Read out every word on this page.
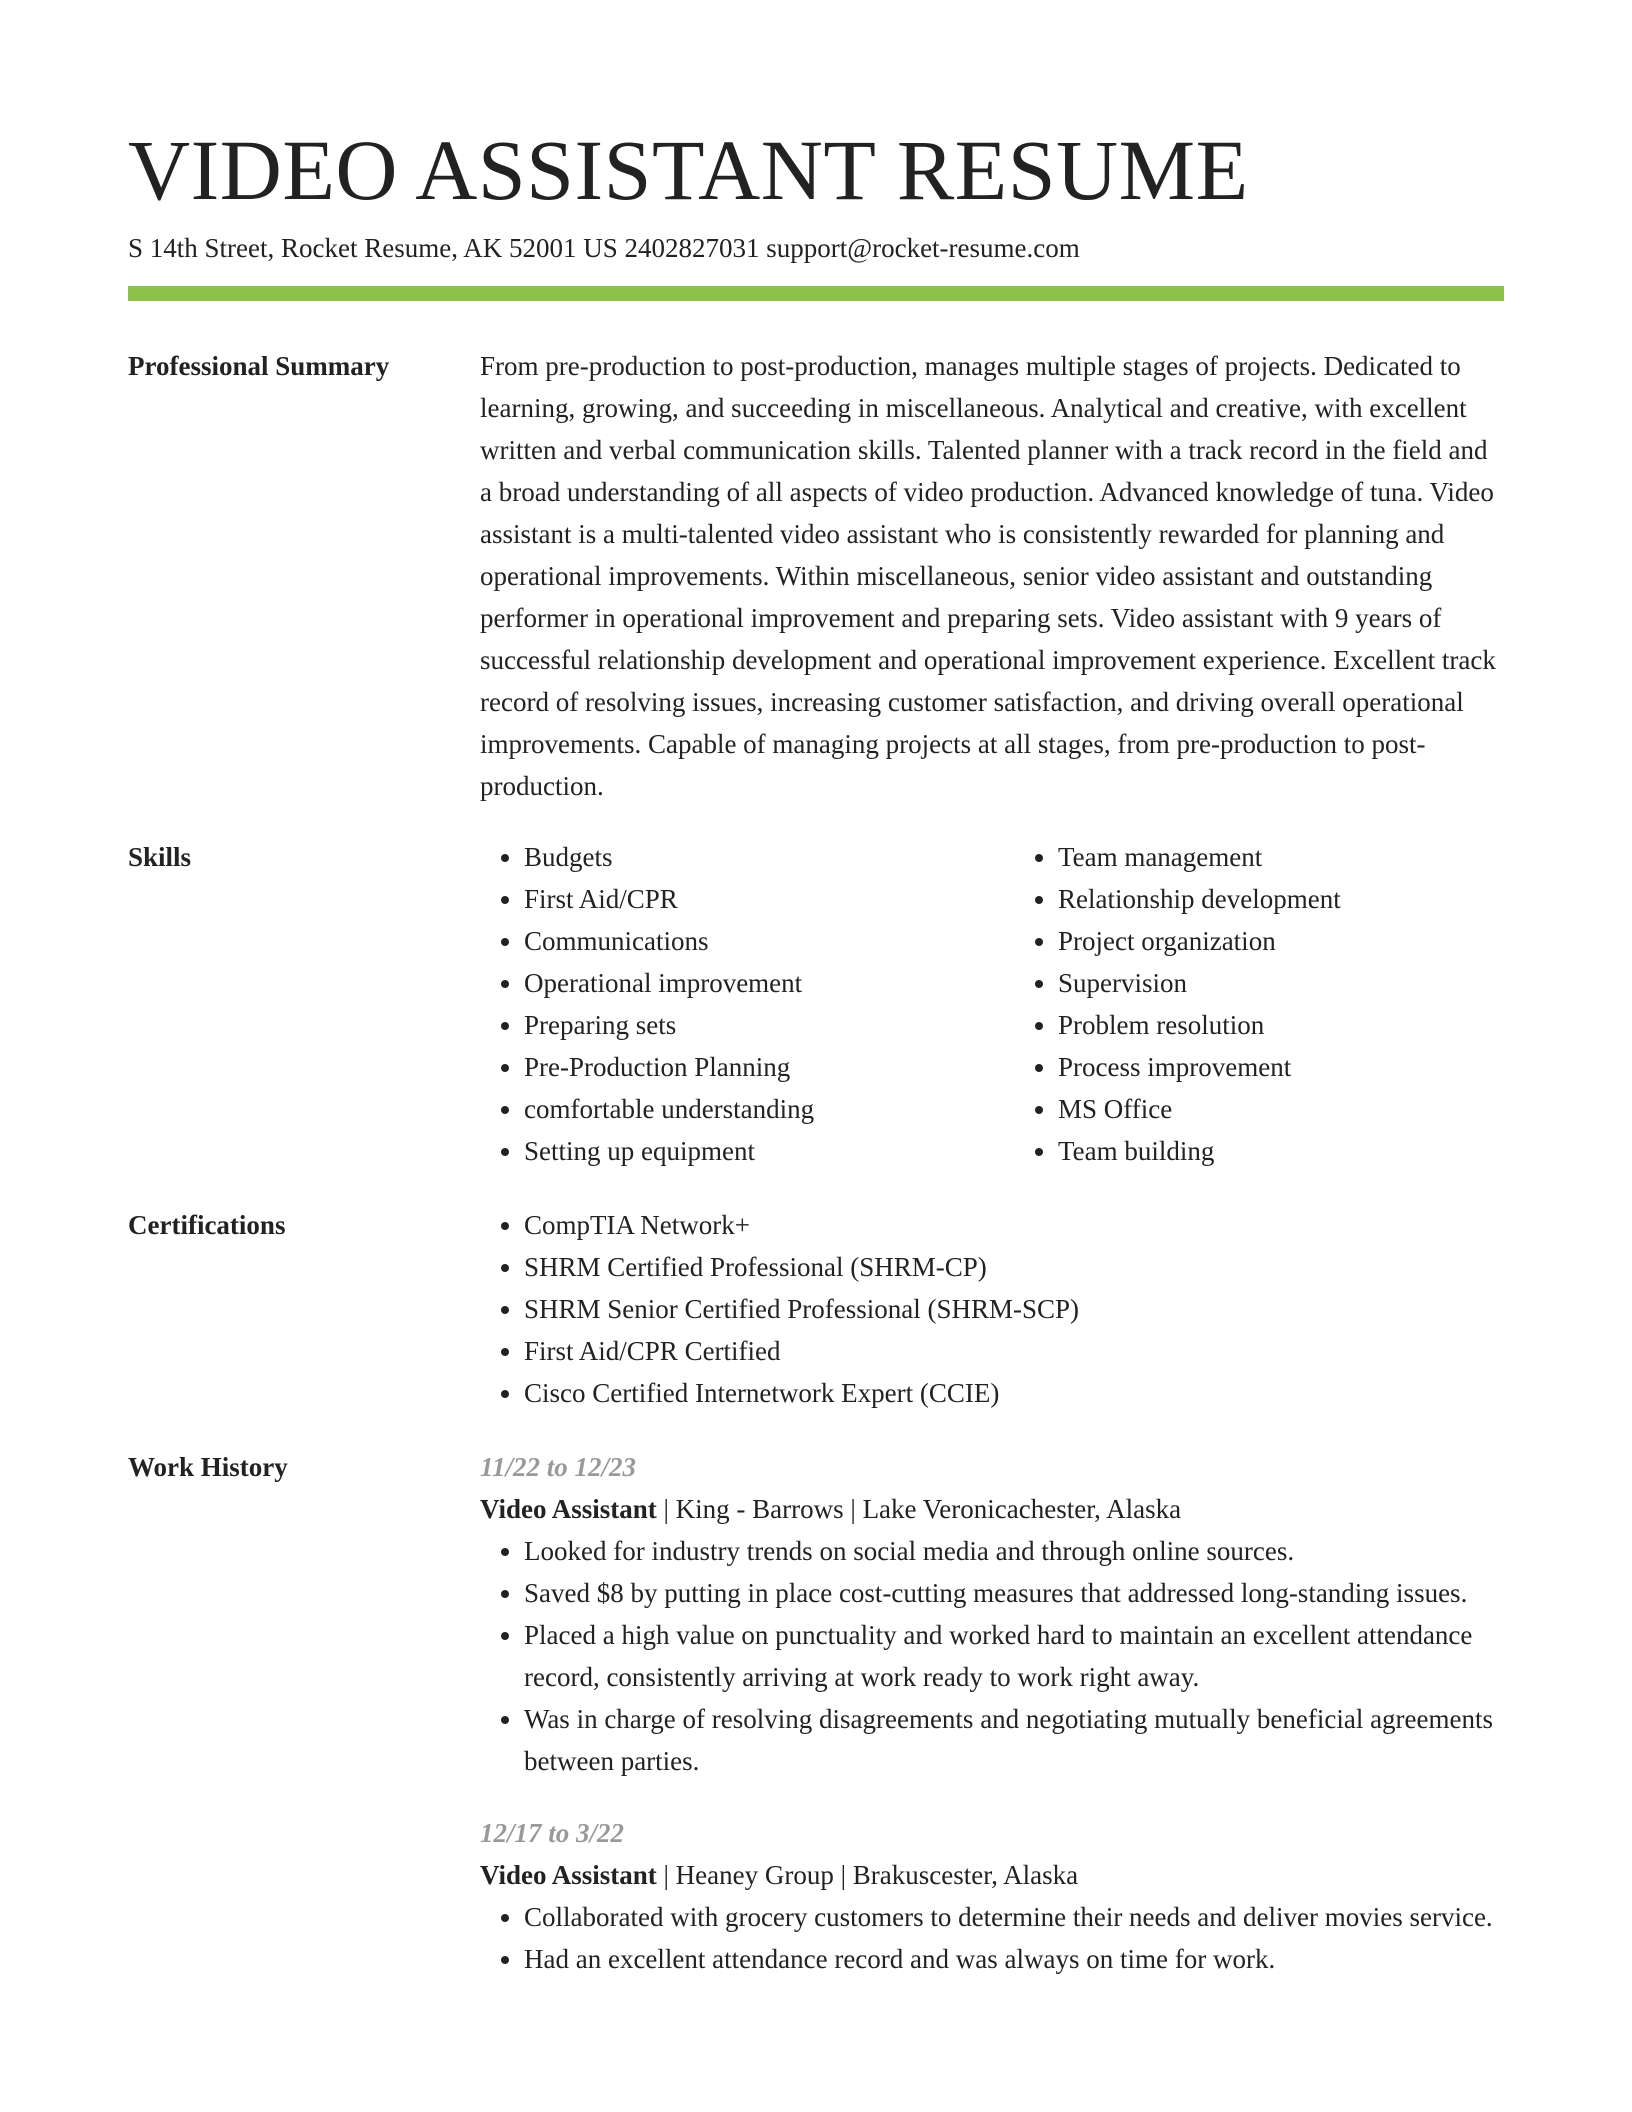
VIDEO ASSISTANT RESUME
S 14th Street, Rocket Resume, AK 52001 US 2402827031 support@rocket-resume.com
Professional Summary	From pre-production to post-production, manages multiple stages of projects. Dedicated to learning, growing, and succeeding in miscellaneous. Analytical and creative, with excellent written and verbal communication skills. Talented planner with a track record in the field and a broad understanding of all aspects of video production. Advanced knowledge of tuna. Video assistant is a multi-talented video assistant who is consistently rewarded for planning and operational improvements. Within miscellaneous, senior video assistant and outstanding performer in operational improvement and preparing sets. Video assistant with 9 years of successful relationship development and operational improvement experience. Excellent track record of resolving issues, increasing customer satisfaction, and driving overall operational improvements. Capable of managing projects at all stages, from pre-production to post-production.

Skills	• Budgets
• First Aid/CPR
• Communications
• Operational improvement
• Preparing sets
• Pre-Production Planning
• comfortable understanding
• Setting up equipment
• Team management
• Relationship development
• Project organization
• Supervision
• Problem resolution
• Process improvement
• MS Office
• Team building
Certifications	• CompTIA Network+
• SHRM Certified Professional (SHRM-CP)
• SHRM Senior Certified Professional (SHRM-SCP)
• First Aid/CPR Certified
• Cisco Certified Internetwork Expert (CCIE)
Work History	11/22 to 12/23
Video Assistant | King - Barrows | Lake Veronicachester, Alaska
• Looked for industry trends on social media and through online sources.
• Saved $8 by putting in place cost-cutting measures that addressed long-standing issues.
• Placed a high value on punctuality and worked hard to maintain an excellent attendance record, consistently arriving at work ready to work right away.
• Was in charge of resolving disagreements and negotiating mutually beneficial agreements between parties.
12/17 to 3/22
Video Assistant | Heaney Group | Brakuscester, Alaska
• Collaborated with grocery customers to determine their needs and deliver movies service.
• Had an excellent attendance record and was always on time for work.
